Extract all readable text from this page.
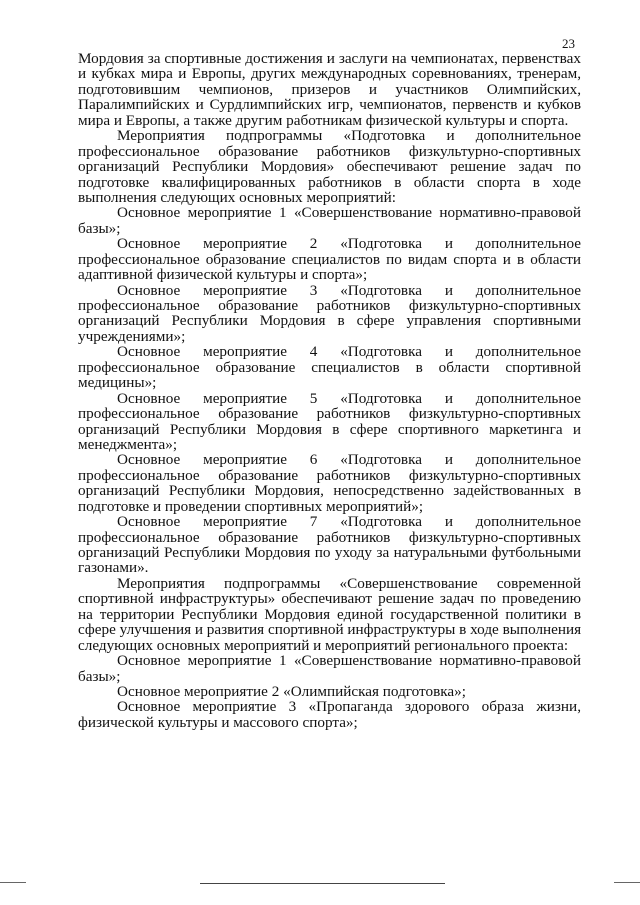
23
Мордовия за спортивные достижения и заслуги на чемпионатах, первенствах
и кубках мира и Европы, других международных соревнованиях, тренерам,
подготовившим чемпионов, призеров и участников Олимпийских,
Паралимпийских и Сурдлимпийских игр, чемпионатов, первенств и кубков
мира и Европы, а также другим работникам физической культуры и спорта.
Мероприятия подпрограммы «Подготовка и дополнительное
профессиональное образование работников физкультурно-спортивных
организаций Республики Мордовия» обеспечивают решение задач по
подготовке квалифицированных работников в области спорта в ходе
выполнения следующих основных мероприятий:
Основное мероприятие 1 «Совершенствование нормативно-правовой
базы»;
Основное мероприятие 2 «Подготовка и дополнительное
профессиональное образование специалистов по видам спорта и в области
адаптивной физической культуры и спорта»;
Основное мероприятие 3 «Подготовка и дополнительное
профессиональное образование работников физкультурно-спортивных
организаций Республики Мордовия в сфере управления спортивными
учреждениями»;
Основное мероприятие 4 «Подготовка и дополнительное
профессиональное образование специалистов в области спортивной
медицины»;
Основное мероприятие 5 «Подготовка и дополнительное
профессиональное образование работников физкультурно-спортивных
организаций Республики Мордовия в сфере спортивного маркетинга и
менеджмента»;
Основное мероприятие 6 «Подготовка и дополнительное
профессиональное образование работников физкультурно-спортивных
организаций Республики Мордовия, непосредственно задействованных в
подготовке и проведении спортивных мероприятий»;
Основное мероприятие 7 «Подготовка и дополнительное
профессиональное образование работников физкультурно-спортивных
организаций Республики Мордовия по уходу за натуральными футбольными
газонами».
Мероприятия подпрограммы «Совершенствование современной
спортивной инфраструктуры» обеспечивают решение задач по проведению
на территории Республики Мордовия единой государственной политики в
сфере улучшения и развития спортивной инфраструктуры в ходе выполнения
следующих основных мероприятий и мероприятий регионального проекта:
Основное мероприятие 1 «Совершенствование нормативно-правовой
базы»;
Основное мероприятие 2 «Олимпийская подготовка»;
Основное мероприятие 3 «Пропаганда здорового образа жизни,
физической культуры и массового спорта»;
